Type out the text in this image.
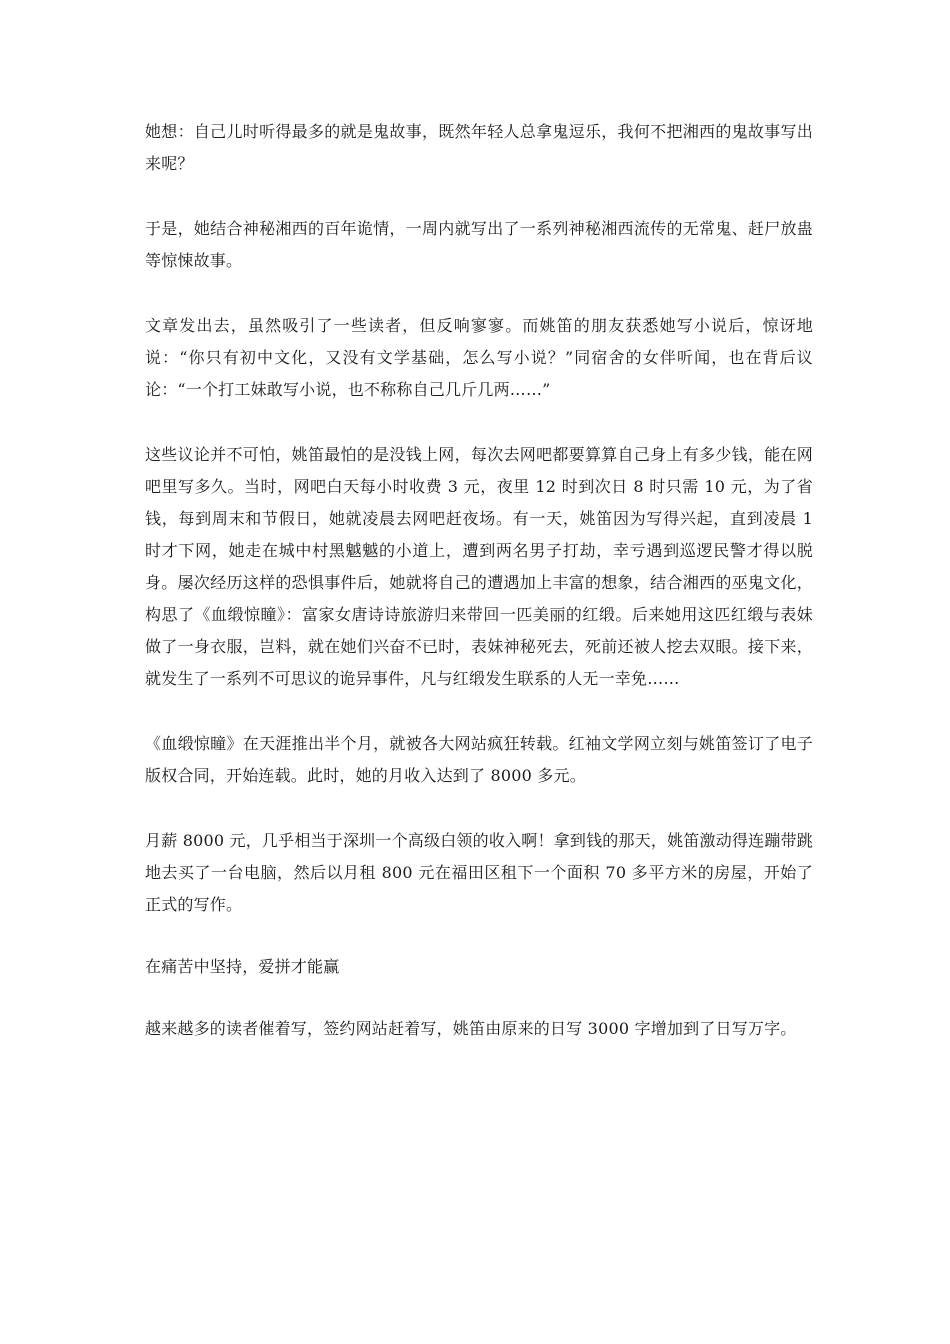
她想：自己儿时听得最多的就是鬼故事，既然年轻人总拿鬼逗乐，我何不把湘西的鬼故事写出来呢？

于是，她结合神秘湘西的百年诡情，一周内就写出了一系列神秘湘西流传的无常鬼、赶尸放蛊等惊悚故事。

文章发出去，虽然吸引了一些读者，但反响寥寥。而姚笛的朋友获悉她写小说后，惊讶地说：“你只有初中文化，又没有文学基础，怎么写小说？”同宿舍的女伴听闻，也在背后议论：“一个打工妹敢写小说，也不称称自己几斤几两……”

这些议论并不可怕，姚笛最怕的是没钱上网，每次去网吧都要算算自己身上有多少钱，能在网吧里写多久。当时，网吧白天每小时收费 3 元，夜里 12 时到次日 8 时只需 10 元，为了省钱，每到周末和节假日，她就凌晨去网吧赶夜场。有一天，姚笛因为写得兴起，直到凌晨 1 时才下网，她走在城中村黑魆魆的小道上，遭到两名男子打劫，幸亏遇到巡逻民警才得以脱身。屡次经历这样的恐惧事件后，她就将自己的遭遇加上丰富的想象，结合湘西的巫鬼文化，构思了《血缎惊瞳》：富家女唐诗诗旅游归来带回一匹美丽的红缎。后来她用这匹红缎与表妹做了一身衣服，岂料，就在她们兴奋不已时，表妹神秘死去，死前还被人挖去双眼。接下来，就发生了一系列不可思议的诡异事件，凡与红缎发生联系的人无一幸免……

《血缎惊瞳》在天涯推出半个月，就被各大网站疯狂转载。红袖文学网立刻与姚笛签订了电子版权合同，开始连载。此时，她的月收入达到了 8000 多元。

月薪 8000 元，几乎相当于深圳一个高级白领的收入啊！拿到钱的那天，姚笛激动得连蹦带跳地去买了一台电脑，然后以月租 800 元在福田区租下一个面积 70 多平方米的房屋，开始了正式的写作。

在痛苦中坚持，爱拼才能赢

越来越多的读者催着写，签约网站赶着写，姚笛由原来的日写 3000 字增加到了日写万字。
